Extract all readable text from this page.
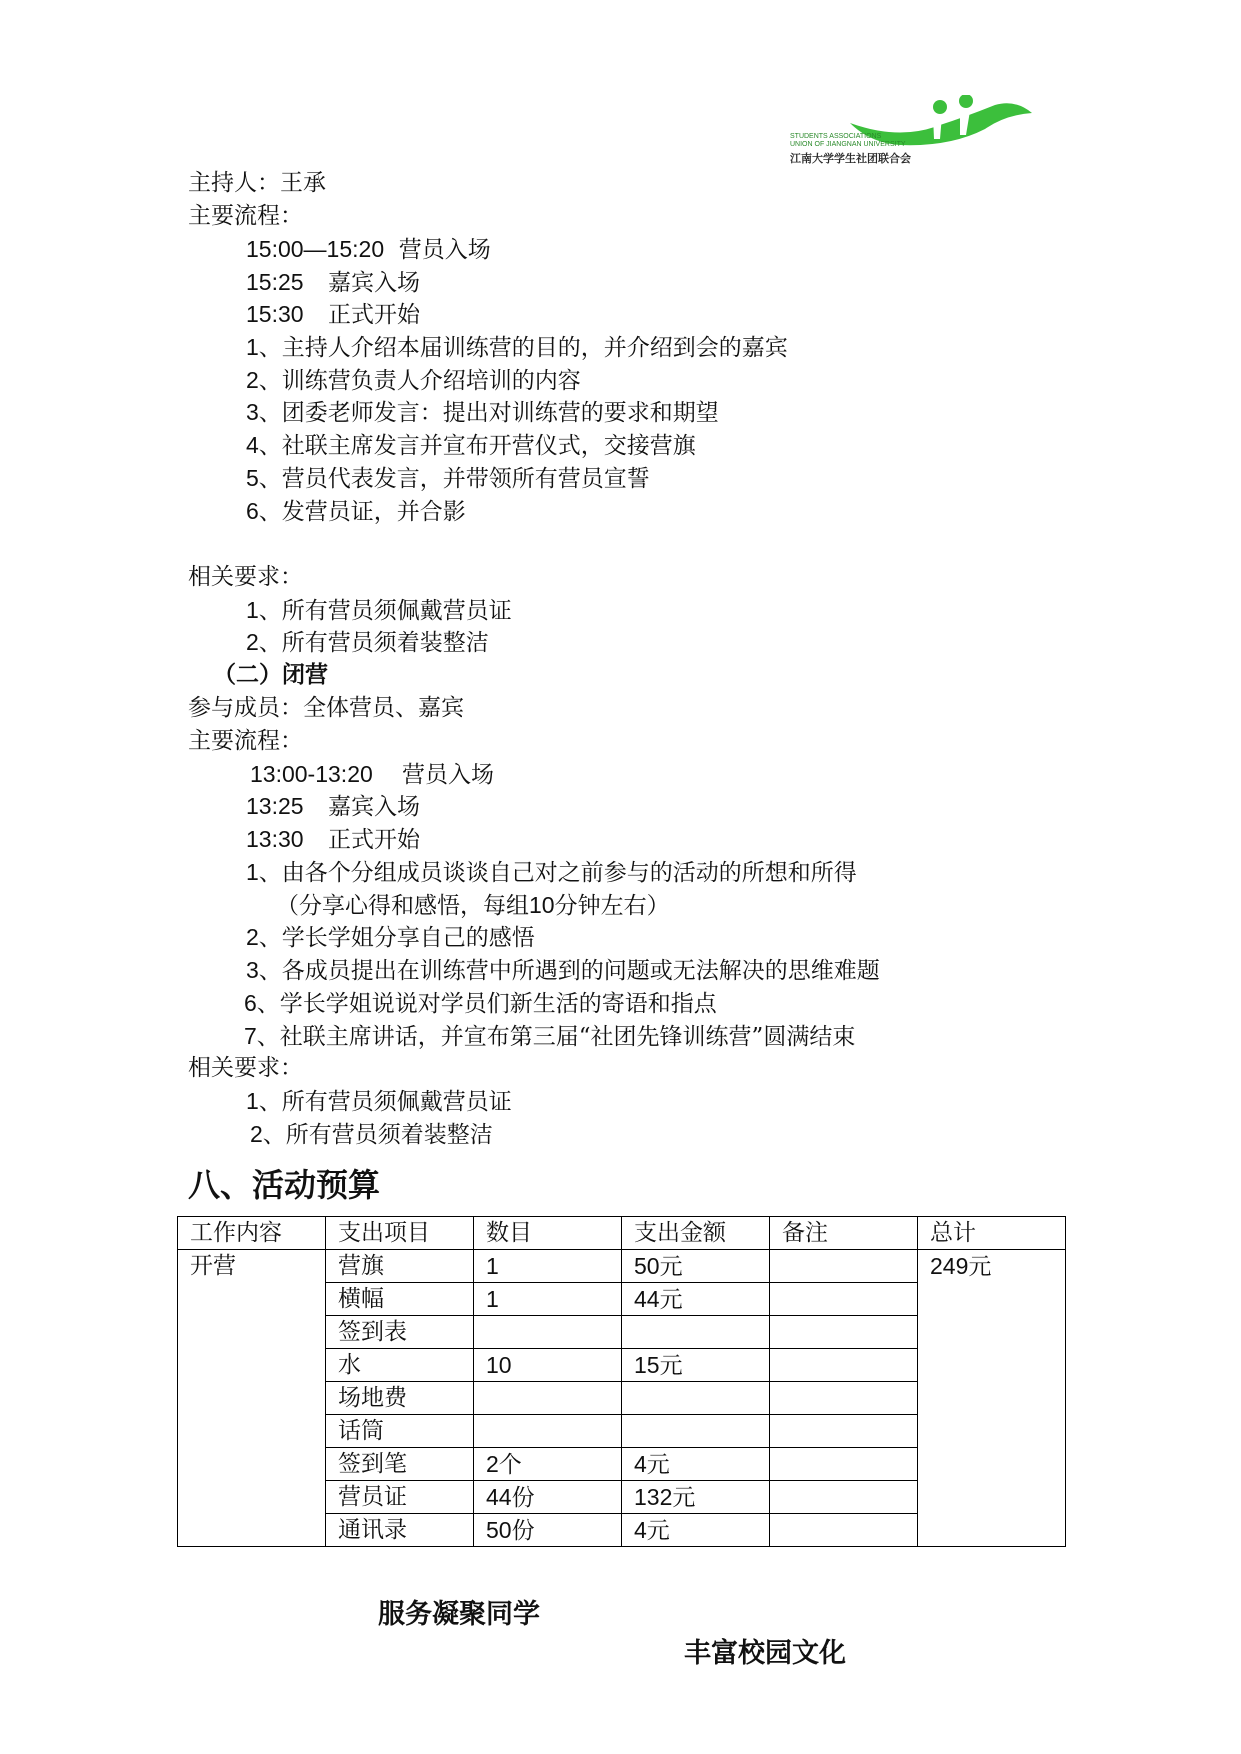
STUDENTS ASSOCIATIONS
UNION OF JIANGNAN UNIVERSITY
江南大学学生社团联合会
主持人：王承
主要流程：
15:00—15:20 营员入场
15:25 嘉宾入场
15:30 正式开始
1、主持人介绍本届训练营的目的，并介绍到会的嘉宾
2、训练营负责人介绍培训的内容
3、团委老师发言：提出对训练营的要求和期望
4、社联主席发言并宣布开营仪式，交接营旗
5、营员代表发言，并带领所有营员宣誓
6、发营员证，并合影
相关要求：
1、所有营员须佩戴营员证
2、所有营员须着装整洁
（二）闭营
参与成员：全体营员、嘉宾
主要流程：
13:00-13:20 营员入场
13:25 嘉宾入场
13:30 正式开始
1、由各个分组成员谈谈自己对之前参与的活动的所想和所得
（分享心得和感悟，每组10分钟左右）
2、学长学姐分享自己的感悟
3、各成员提出在训练营中所遇到的问题或无法解决的思维难题
6、学长学姐说说对学员们新生活的寄语和指点
7、社联主席讲话，并宣布第三届“社团先锋训练营”圆满结束
相关要求：
1、所有营员须佩戴营员证
2、所有营员须着装整洁
八、活动预算
工作内容	支出项目	数目	支出金额	备注	总计
开营	营旗	1	50元		249元
	横幅	1	44元		
	签到表				
	水	10	15元		
	场地费				
	话筒				
	签到笔	2个	4元		
	营员证	44份	132元		
	通讯录	50份	4元		
服务凝聚同学
丰富校园文化
